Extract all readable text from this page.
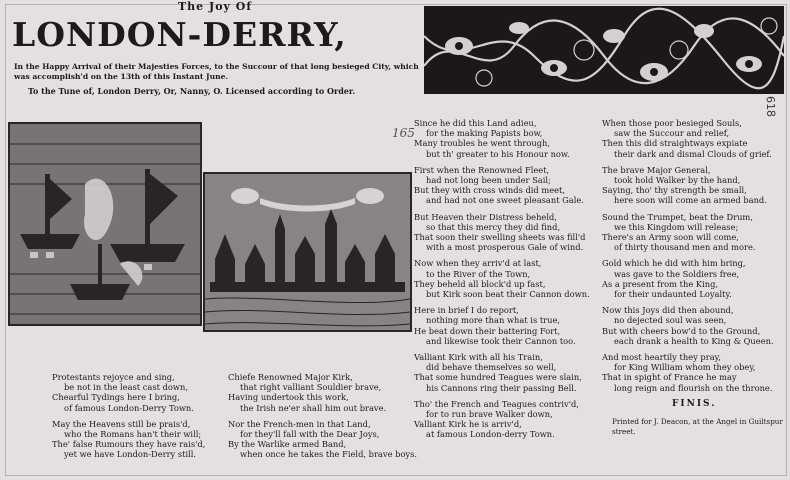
The Joy Of
LONDON-DERRY,
In the Happy Arrival of their Majesties Forces, to the Succour of that long besieged City, which was accomplish'd on the 13th of this Instant June.
To the Tune of, London Derry, Or, Nanny, O. Licensed according to Order.
618
165
Protestants rejoyce and sing,
be not in the least cast down,
Chearful Tydings here I bring,
of famous London-Derry Town.
May the Heavens still be prais'd,
who the Romans han't their will;
The' false Rumours they have rais'd,
yet we have London-Derry still.
Chiefe Renowned Major Kirk,
that right valliant Souldier brave,
Having undertook this work,
the Irish ne'er shall him out brave.
Nor the French-men in that Land,
for they'll fall with the Dear Joys,
By the Warlike armed Band,
when once he takes the Field, brave boys.
Since he did this Land adieu,
for the making Papists bow,
Many troubles he went through,
but th' greater to his Honour now.
First when the Renowned Fleet,
had not long been under Sail;
But they with cross winds did meet,
and had not one sweet pleasant Gale.
But Heaven their Distress beheld,
so that this mercy they did find,
That soon their swelling sheets was fill'd
with a most prosperous Gale of wind.
Now when they arriv'd at last,
to the River of the Town,
They beheld all block'd up fast,
but Kirk soon beat their Cannon down.
Here in brief I do report,
nothing more than what is true,
He beat down their battering Fort,
and likewise took their Cannon too.
Valliant Kirk with all his Train,
did behave themselves so well,
That some hundred Teagues were slain,
his Cannons ring their passing Bell.
Tho' the French and Teagues contriv'd,
for to run brave Walker down,
Valliant Kirk he is arriv'd,
at famous London-derry Town.
When those poor besieged Souls,
saw the Succour and relief,
Then this did straightways expiate
their dark and dismal Clouds of grief.
The brave Major General,
took hold Walker by the hand,
Saying, tho' thy strength be small,
here soon will come an armed band.
Sound the Trumpet, beat the Drum,
we this Kingdom will release;
There's an Army soon will come,
of thirty thousand men and more.
Gold which he did with him bring,
was gave to the Soldiers free,
As a present from the King,
for their undaunted Loyalty.
Now this Joys did then abound,
no dejected soul was seen,
But with cheers bow'd to the Ground,
each drank a health to King & Queen.
And most heartily they pray,
for King William whom they obey,
That in spight of France he may
long reign and flourish on the throne.
FINIS.
Printed for J. Deacon, at the Angel in Guiltspur street.
